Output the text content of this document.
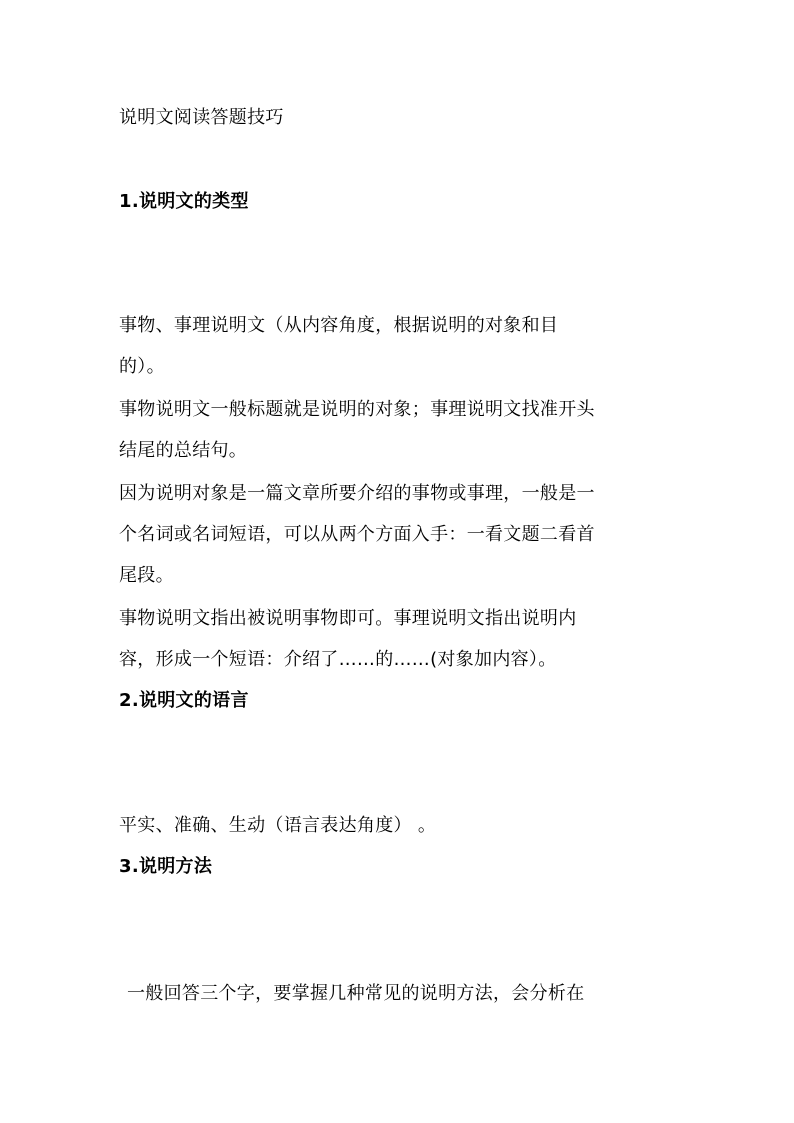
说明文阅读答题技巧
1.说明文的类型
事物、事理说明文（从内容角度，根据说明的对象和目
的）。
事物说明文一般标题就是说明的对象；事理说明文找准开头
结尾的总结句。
因为说明对象是一篇文章所要介绍的事物或事理，一般是一
个名词或名词短语，可以从两个方面入手：一看文题二看首
尾段。
事物说明文指出被说明事物即可。事理说明文指出说明内
容，形成一个短语：介绍了……的……(对象加内容）。
2.说明文的语言
平实、准确、生动（语言表达角度） 。
3.说明方法
一般回答三个字，要掌握几种常见的说明方法，会分析在
